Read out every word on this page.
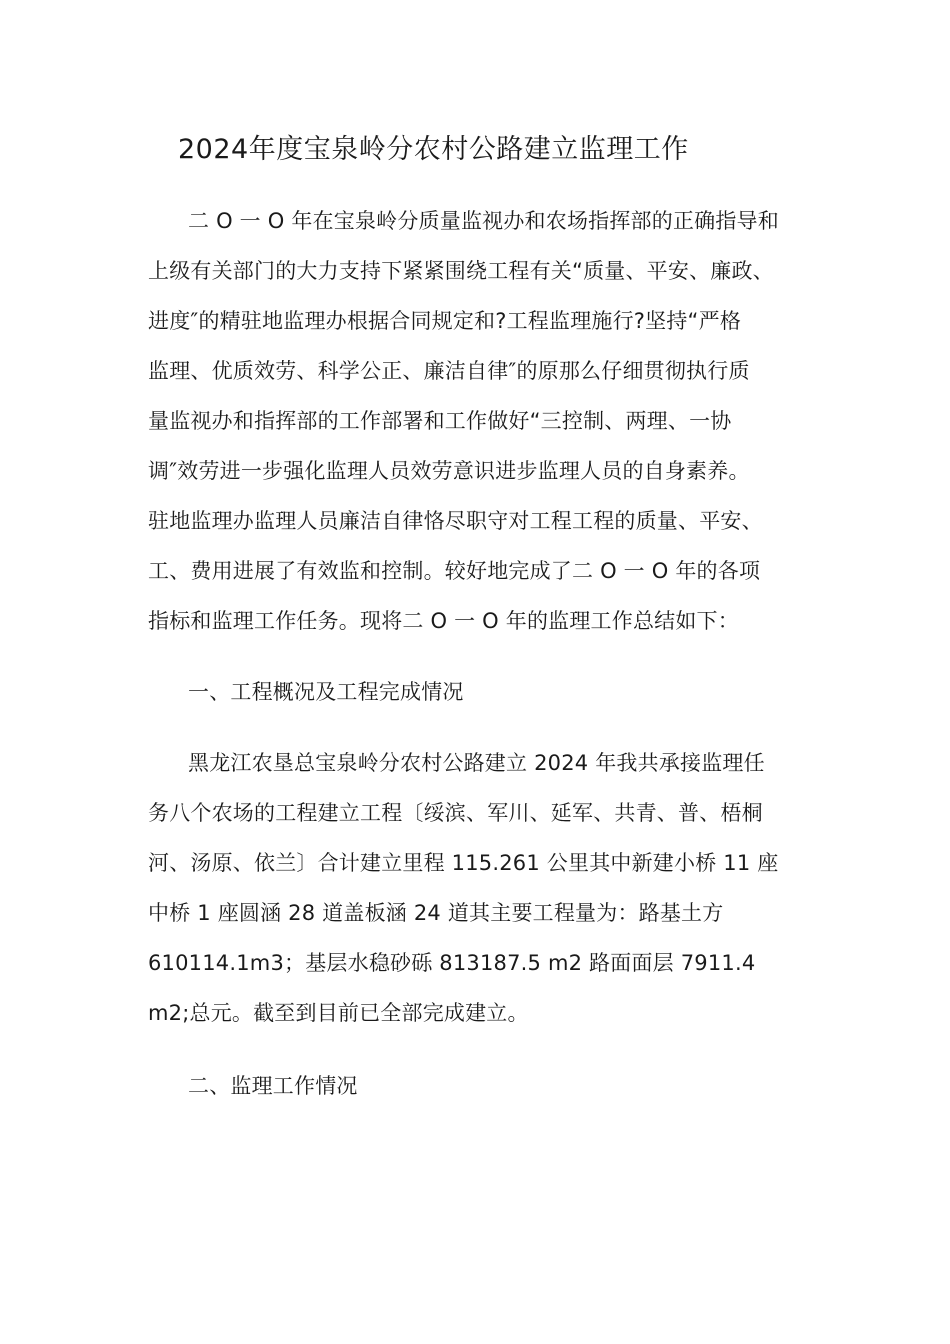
2024年度宝泉岭分农村公路建立监理工作
二 O 一 O 年在宝泉岭分质量监视办和农场指挥部的正确指导和
上级有关部门的大力支持下紧紧围绕工程有关“质量、平安、廉政、
进度″的精驻地监理办根据合同规定和?工程监理施行?坚持“严格
监理、优质效劳、科学公正、廉洁自律″的原那么仔细贯彻执行质
量监视办和指挥部的工作部署和工作做好“三控制、两理、一协
调″效劳进一步强化监理人员效劳意识进步监理人员的自身素养。
驻地监理办监理人员廉洁自律恪尽职守对工程工程的质量、平安、
工、费用进展了有效监和控制。较好地完成了二 O 一 O 年的各项
指标和监理工作任务。现将二 O 一 O 年的监理工作总结如下：
一、工程概况及工程完成情况
黑龙江农垦总宝泉岭分农村公路建立 2024 年我共承接监理任
务八个农场的工程建立工程〔绥滨、军川、延军、共青、普、梧桐
河、汤原、依兰〕合计建立里程 115.261 公里其中新建小桥 11 座
中桥 1 座圆涵 28 道盖板涵 24 道其主要工程量为：路基土方
610114.1m3；基层水稳砂砾 813187.5 m2 路面面层 7911.4
m2;总元。截至到目前已全部完成建立。
二、监理工作情况
